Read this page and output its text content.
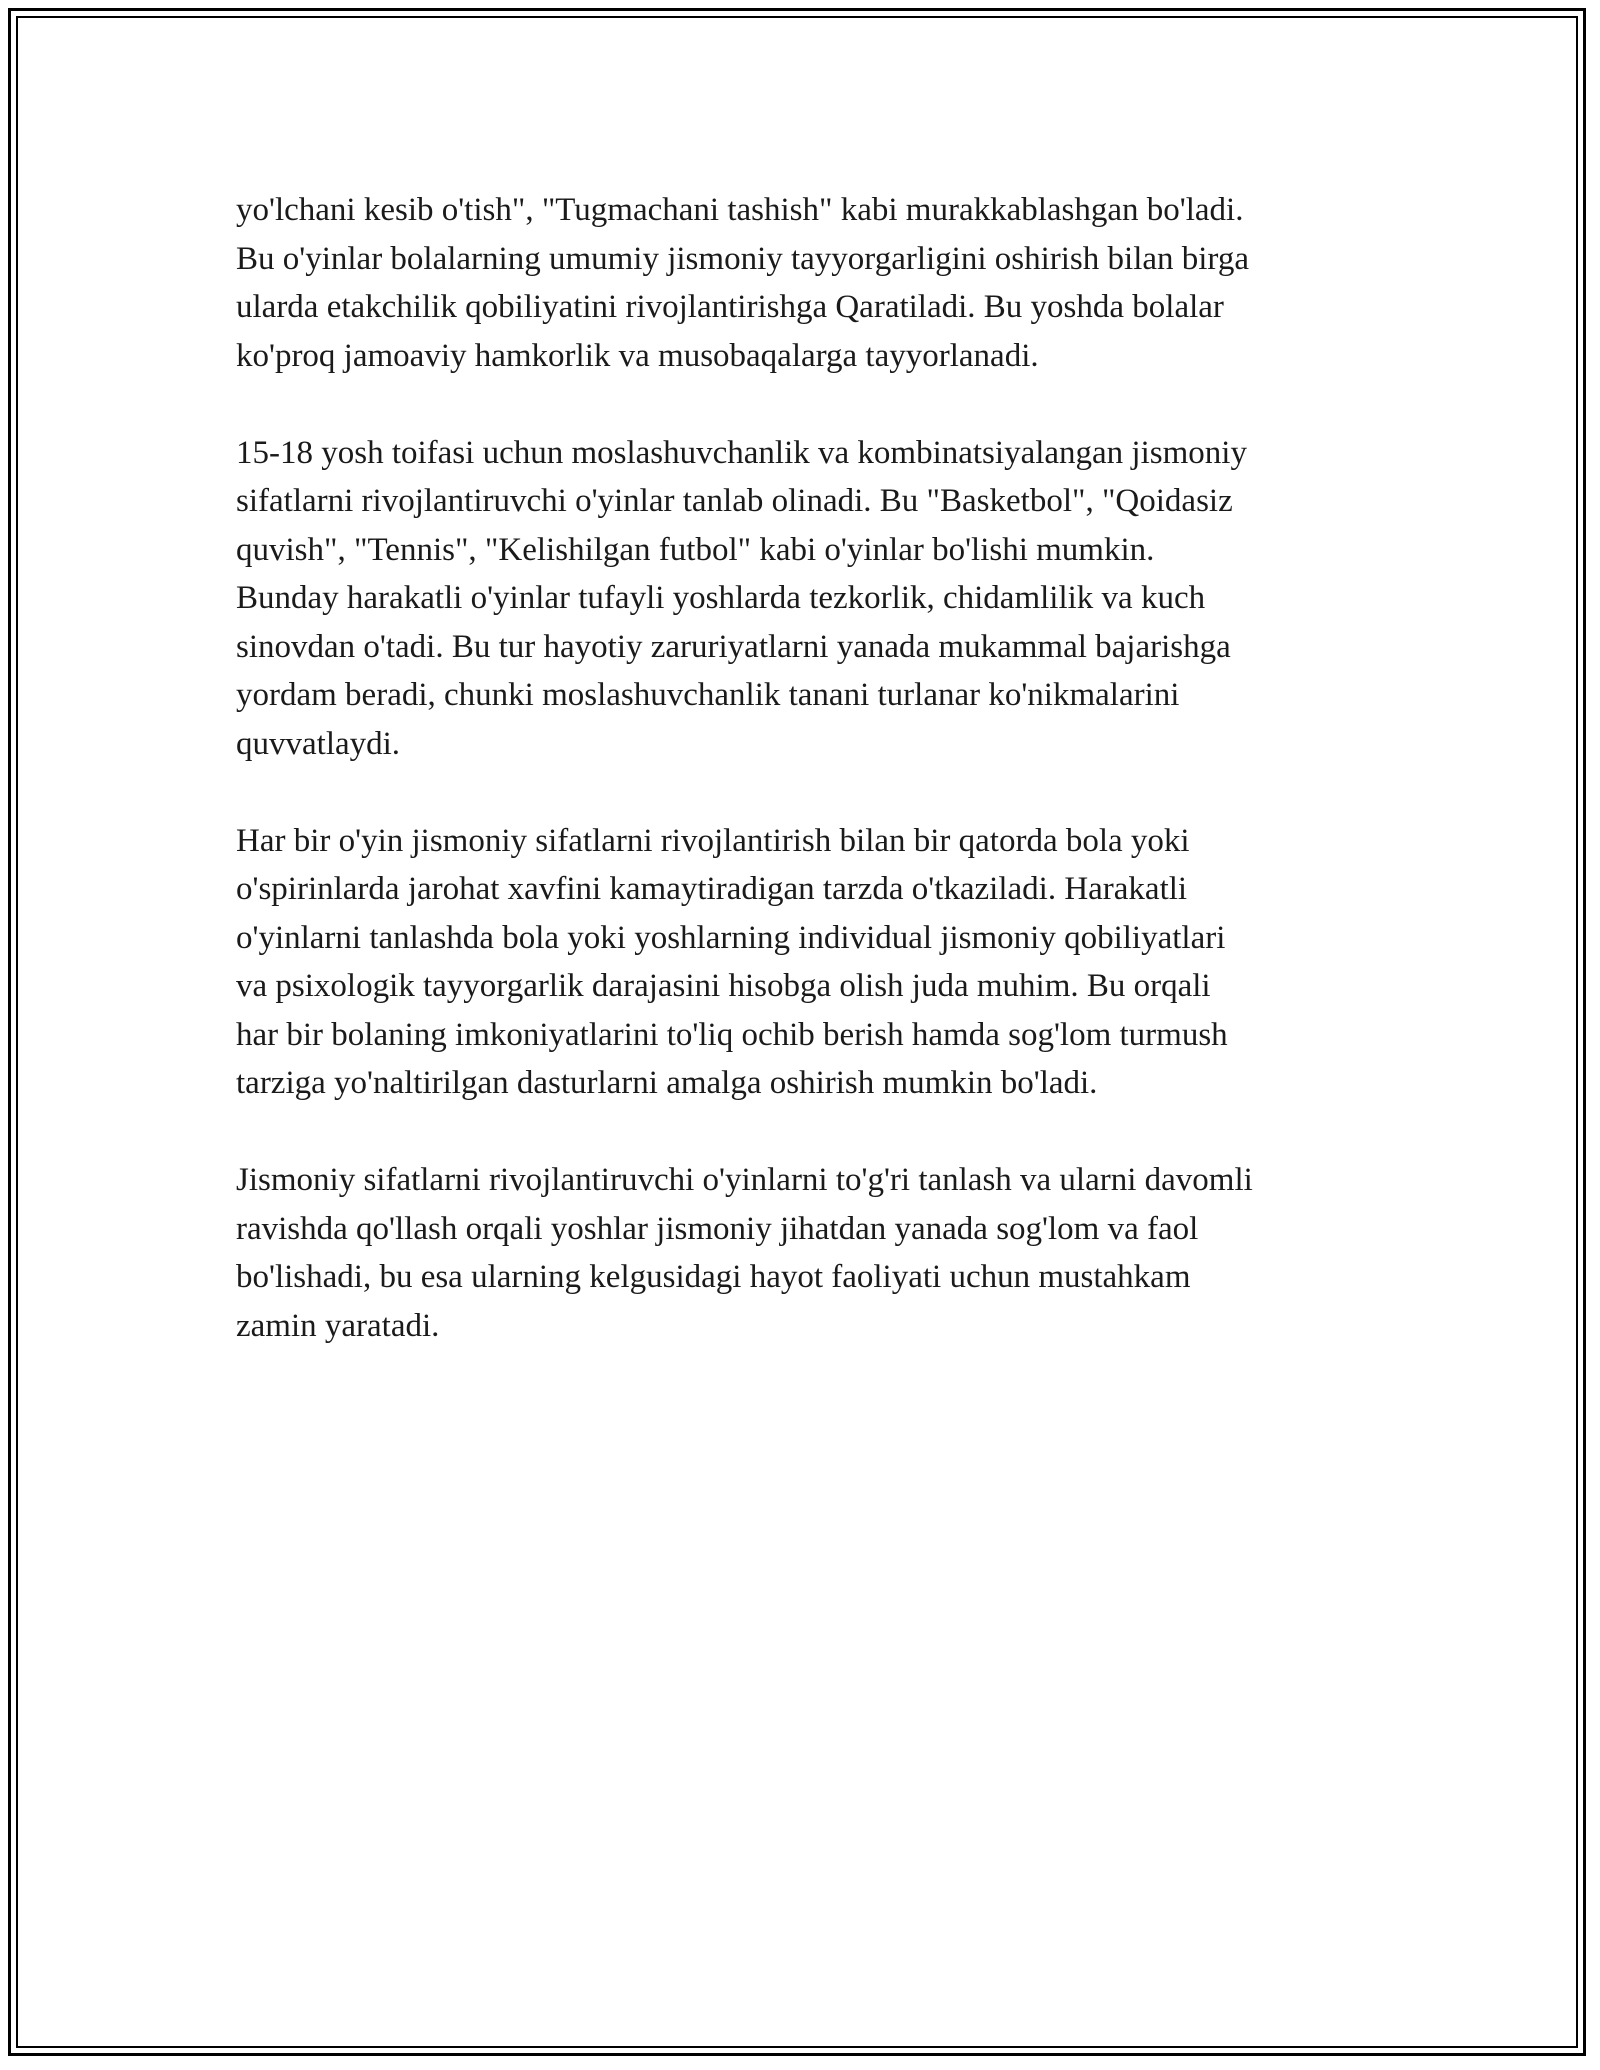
yo'lchani kesib o'tish", "Tugmachani tashish" kabi murakkablashgan bo'ladi.
Bu o'yinlar bolalarning umumiy jismoniy tayyorgarligini oshirish bilan birga
ularda etakchilik qobiliyatini rivojlantirishga Qaratiladi. Bu yoshda bolalar
ko'proq jamoaviy hamkorlik va musobaqalarga tayyorlanadi.

15-18 yosh toifasi uchun moslashuvchanlik va kombinatsiyalangan jismoniy
sifatlarni rivojlantiruvchi o'yinlar tanlab olinadi. Bu "Basketbol", "Qoidasiz
quvish", "Tennis", "Kelishilgan futbol" kabi o'yinlar bo'lishi mumkin.
Bunday harakatli o'yinlar tufayli yoshlarda tezkorlik, chidamlilik va kuch
sinovdan o'tadi. Bu tur hayotiy zaruriyatlarni yanada mukammal bajarishga
yordam beradi, chunki moslashuvchanlik tanani turlanar ko'nikmalarini
quvvatlaydi.

Har bir o'yin jismoniy sifatlarni rivojlantirish bilan bir qatorda bola yoki
o'spirinlarda jarohat xavfini kamaytiradigan tarzda o'tkaziladi. Harakatli
o'yinlarni tanlashda bola yoki yoshlarning individual jismoniy qobiliyatlari
va psixologik tayyorgarlik darajasini hisobga olish juda muhim. Bu orqali
har bir bolaning imkoniyatlarini to'liq ochib berish hamda sog'lom turmush
tarziga yo'naltirilgan dasturlarni amalga oshirish mumkin bo'ladi.

Jismoniy sifatlarni rivojlantiruvchi o'yinlarni to'g'ri tanlash va ularni davomli
ravishda qo'llash orqali yoshlar jismoniy jihatdan yanada sog'lom va faol
bo'lishadi, bu esa ularning kelgusidagi hayot faoliyati uchun mustahkam
zamin yaratadi.
